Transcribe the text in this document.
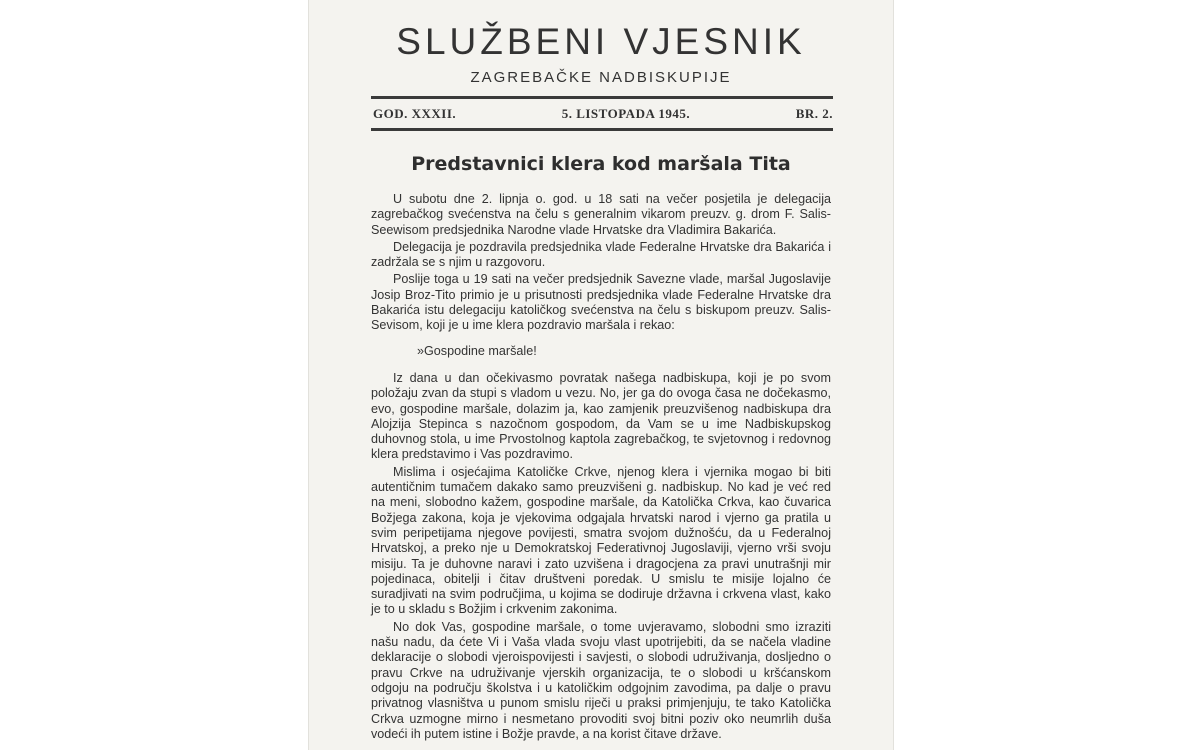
SLUŽBENI VJESNIK
ZAGREBAČKE NADBISKUPIJE
GOD. XXXII.	5. LISTOPADA 1945.	BR. 2.
Predstavnici klera kod maršala Tita

U subotu dne 2. lipnja o. god. u 18 sati na večer posjetila je delegacija zagrebačkog svećenstva na čelu s generalnim vikarom preuzv. g. drom F. Salis-Seewisom predsjednika Narodne vlade Hrvatske dra Vladimira Bakarića.

Delegacija je pozdravila predsjednika vlade Federalne Hrvatske dra Bakarića i zadržala se s njim u razgovoru.

Poslije toga u 19 sati na večer predsjednik Savezne vlade, maršal Jugoslavije Josip Broz-Tito primio je u prisutnosti predsjednika vlade Federalne Hrvatske dra Bakarića istu delegaciju katoličkog svećenstva na čelu s biskupom preuzv. Salis-Sevisom, koji je u ime klera pozdravio maršala i rekao:

»Gospodine maršale!

Iz dana u dan očekivasmo povratak našega nadbiskupa, koji je po svom položaju zvan da stupi s vladom u vezu. No, jer ga do ovoga časa ne dočekasmo, evo, gospodine maršale, dolazim ja, kao zamjenik preuzvišenog nadbiskupa dra Alojzija Stepinca s nazočnom gospodom, da Vam se u ime Nadbiskupskog duhovnog stola, u ime Prvostolnog kaptola zagrebačkog, te svjetovnog i redovnog klera predstavimo i Vas pozdravimo.

Mislima i osjećajima Katoličke Crkve, njenog klera i vjernika mogao bi biti autentičnim tumačem dakako samo preuzvišeni g. nadbiskup. No kad je već red na meni, slobodno kažem, gospodine maršale, da Katolička Crkva, kao čuvarica Božjega zakona, koja je vjekovima odgajala hrvatski narod i vjerno ga pratila u svim peripetijama njegove povijesti, smatra svojom dužnošću, da u Federalnoj Hrvatskoj, a preko nje u Demokratskoj Federativnoj Jugoslaviji, vjerno vrši svoju misiju. Ta je duhovne naravi i zato uzvišena i dragocjena za pravi unutrašnji mir pojedinaca, obitelji i čitav društveni poredak. U smislu te misije lojalno će suradjivati na svim područjima, u kojima se dodiruje državna i crkvena vlast, kako je to u skladu s Božjim i crkvenim zakonima.

No dok Vas, gospodine maršale, o tome uvjeravamo, slobodni smo izraziti našu nadu, da ćete Vi i Vaša vlada svoju vlast upotrijebiti, da se načela vladine deklaracije o slobodi vjeroispovijesti i savjesti, o slobodi udruživanja, dosljedno o pravu Crkve na udruživanje vjerskih organizacija, te o slobodi u kršćanskom odgoju na području školstva i u katoličkim odgojnim zavodima, pa dalje o pravu privatnog vlasništva u punom smislu riječi u praksi primjenjuju, te tako Katolička Crkva uzmogne mirno i nesmetano provoditi svoj bitni poziv oko neumrlih duša vodeći ih putem istine i Božje pravde, a na korist čitave države.
